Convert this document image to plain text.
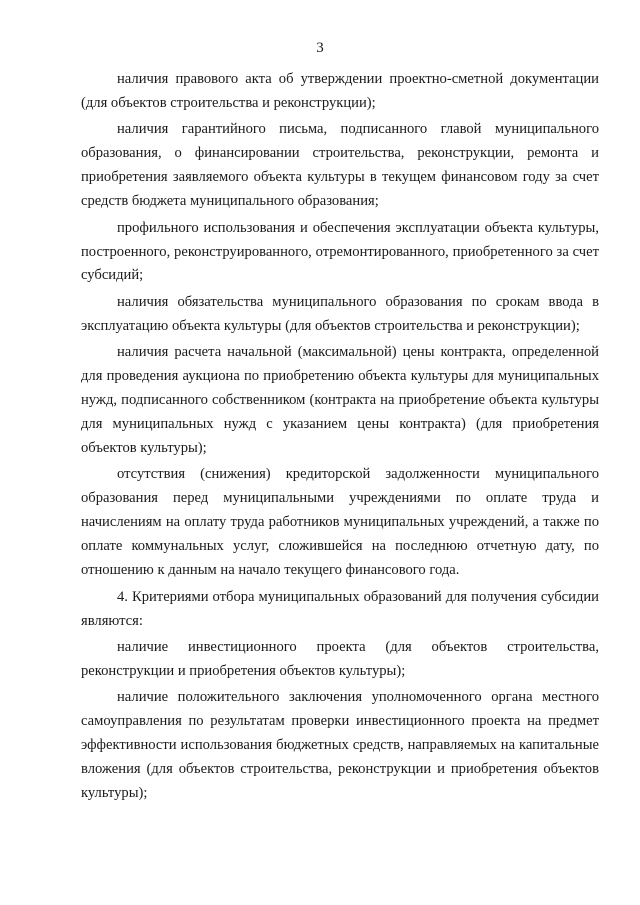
3

наличия правового акта об утверждении проектно-сметной документации (для объектов строительства и реконструкции);

наличия гарантийного письма, подписанного главой муниципального образования, о финансировании строительства, реконструкции, ремонта и приобретения заявляемого объекта культуры в текущем финансовом году за счет средств бюджета муниципального образования;

профильного использования и обеспечения эксплуатации объекта культуры, построенного, реконструированного, отремонтированного, приобретенного за счет субсидий;

наличия обязательства муниципального образования по срокам ввода в эксплуатацию объекта культуры (для объектов строительства и реконструкции);

наличия расчета начальной (максимальной) цены контракта, определенной для проведения аукциона по приобретению объекта культуры для муниципальных нужд, подписанного собственником (контракта на приобретение объекта культуры для муниципальных нужд с указанием цены контракта) (для приобретения объектов культуры);

отсутствия (снижения) кредиторской задолженности муниципального образования перед муниципальными учреждениями по оплате труда и начислениям на оплату труда работников муниципальных учреждений, а также по оплате коммунальных услуг, сложившейся на последнюю отчетную дату, по отношению к данным на начало текущего финансового года.

4. Критериями отбора муниципальных образований для получения субсидии являются:

наличие инвестиционного проекта (для объектов строительства, реконструкции и приобретения объектов культуры);

наличие положительного заключения уполномоченного органа местного самоуправления по результатам проверки инвестиционного проекта на предмет эффективности использования бюджетных средств, направляемых на капитальные вложения (для объектов строительства, реконструкции и приобретения объектов культуры);
